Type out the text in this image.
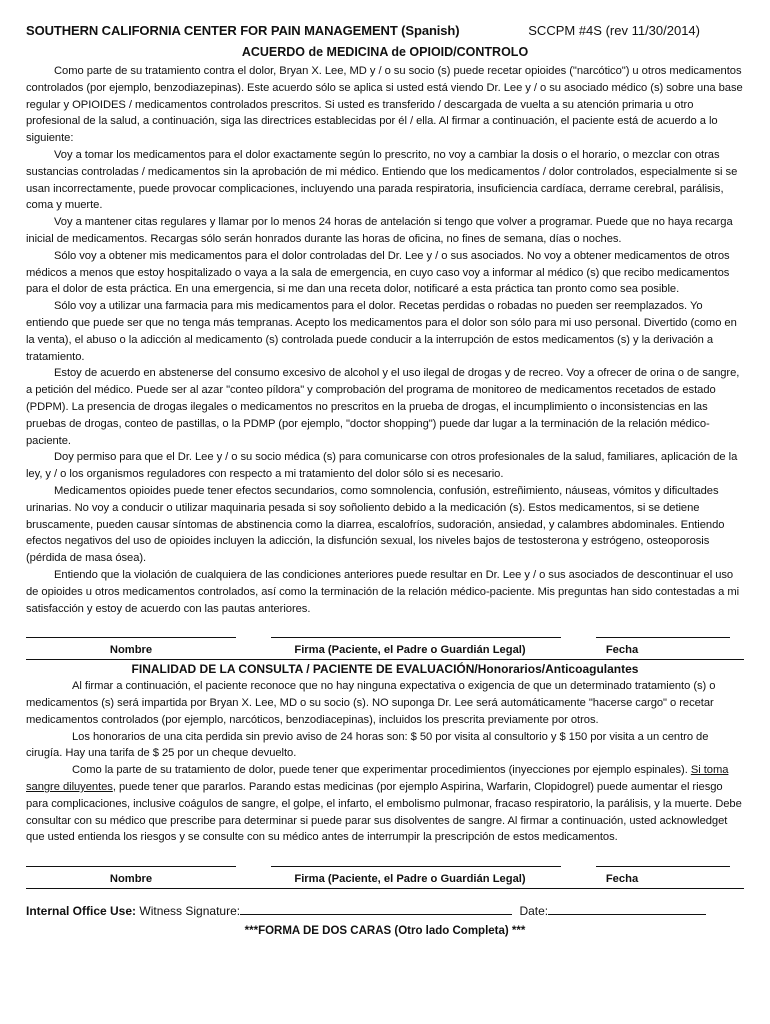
SOUTHERN CALIFORNIA CENTER FOR PAIN MANAGEMENT (Spanish)	SCCPM #4S (rev 11/30/2014)
ACUERDO de MEDICINA de OPIOID/CONTROLO

Como parte de su tratamiento contra el dolor, Bryan X. Lee, MD y / o su socio (s) puede recetar opioides ("narcótico") u otros medicamentos controlados (por ejemplo, benzodiazepinas). Este acuerdo sólo se aplica si usted está viendo Dr. Lee y / o su asociado médico (s) sobre una base regular y OPIOIDES / medicamentos controlados prescritos. Si usted es transferido / descargada de vuelta a su atención primaria u otro profesional de la salud, a continuación, siga las directrices establecidas por él / ella. Al firmar a continuación, el paciente está de acuerdo a lo siguiente:

Voy a tomar los medicamentos para el dolor exactamente según lo prescrito, no voy a cambiar la dosis o el horario, o mezclar con otras sustancias controladas / medicamentos sin la aprobación de mi médico. Entiendo que los medicamentos / dolor controlados, especialmente si se usan incorrectamente, puede provocar complicaciones, incluyendo una parada respiratoria, insuficiencia cardíaca, derrame cerebral, parálisis, coma y muerte.

Voy a mantener citas regulares y llamar por lo menos 24 horas de antelación si tengo que volver a programar. Puede que no haya recarga inicial de medicamentos. Recargas sólo serán honrados durante las horas de oficina, no fines de semana, días o noches.

Sólo voy a obtener mis medicamentos para el dolor controladas del Dr. Lee y / o sus asociados. No voy a obtener medicamentos de otros médicos a menos que estoy hospitalizado o vaya a la sala de emergencia, en cuyo caso voy a informar al médico (s) que recibo medicamentos para el dolor de esta práctica. En una emergencia, si me dan una receta dolor, notificaré a esta práctica tan pronto como sea posible.

Sólo voy a utilizar una farmacia para mis medicamentos para el dolor. Recetas perdidas o robadas no pueden ser reemplazados. Yo entiendo que puede ser que no tenga más tempranas. Acepto los medicamentos para el dolor son sólo para mi uso personal. Divertido (como en la venta), el abuso o la adicción al medicamento (s) controlada puede conducir a la interrupción de estos medicamentos (s) y la derivación a tratamiento.

Estoy de acuerdo en abstenerse del consumo excesivo de alcohol y el uso ilegal de drogas y de recreo. Voy a ofrecer de orina o de sangre, a petición del médico. Puede ser al azar "conteo píldora" y comprobación del programa de monitoreo de medicamentos recetados de estado (PDPM). La presencia de drogas ilegales o medicamentos no prescritos en la prueba de drogas, el incumplimiento o inconsistencias en las pruebas de drogas, conteo de pastillas, o la PDMP (por ejemplo, "doctor shopping") puede dar lugar a la terminación de la relación médico-paciente.

Doy permiso para que el Dr. Lee y / o su socio médica (s) para comunicarse con otros profesionales de la salud, familiares, aplicación de la ley, y / o los organismos reguladores con respecto a mi tratamiento del dolor sólo si es necesario.

Medicamentos opioides puede tener efectos secundarios, como somnolencia, confusión, estreñimiento, náuseas, vómitos y dificultades urinarias. No voy a conducir o utilizar maquinaria pesada si soy soñoliento debido a la medicación (s). Estos medicamentos, si se detiene bruscamente, pueden causar síntomas de abstinencia como la diarrea, escalofríos, sudoración, ansiedad, y calambres abdominales. Entiendo efectos negativos del uso de opioides incluyen la adicción, la disfunción sexual, los niveles bajos de testosterona y estrógeno, osteoporosis (pérdida de masa ósea).

Entiendo que la violación de cualquiera de las condiciones anteriores puede resultar en Dr. Lee y / o sus asociados de descontinuar el uso de opioides u otros medicamentos controlados, así como la terminación de la relación médico-paciente. Mis preguntas han sido contestadas a mi satisfacción y estoy de acuerdo con las pautas anteriores.

Nombre	Firma (Paciente, el Padre o Guardián Legal)	Fecha
FINALIDAD DE LA CONSULTA / PACIENTE DE EVALUACIÓN/Honorarios/Anticoagulantes

Al firmar a continuación, el paciente reconoce que no hay ninguna expectativa o exigencia de que un determinado tratamiento (s) o medicamentos (s) será impartida por Bryan X. Lee, MD o su socio (s). NO suponga Dr. Lee será automáticamente "hacerse cargo" o recetar medicamentos controlados (por ejemplo, narcóticos, benzodiacepinas), incluidos los prescrita previamente por otros.

Los honorarios de una cita perdida sin previo aviso de 24 horas son: $ 50 por visita al consultorio y $ 150 por visita a un centro de cirugía. Hay una tarifa de $ 25 por un cheque devuelto.

Como la parte de su tratamiento de dolor, puede tener que experimentar procedimientos (inyecciones por ejemplo espinales). Si toma sangre diluyentes, puede tener que pararlos. Parando estas medicinas (por ejemplo Aspirina, Warfarin, Clopidogrel) puede aumentar el riesgo para complicaciones, inclusive coágulos de sangre, el golpe, el infarto, el embolismo pulmonar, fracaso respiratorio, la parálisis, y la muerte. Debe consultar con su médico que prescribe para determinar si puede parar sus disolventes de sangre. Al firmar a continuación, usted acknowledget que usted entienda los riesgos y se consulte con su médico antes de interrumpir la prescripción de estos medicamentos.

Nombre	Firma (Paciente, el Padre o Guardián Legal)	Fecha
Internal Office Use: Witness Signature:	Date:
***FORMA DE DOS CARAS (Otro lado Completa) ***
